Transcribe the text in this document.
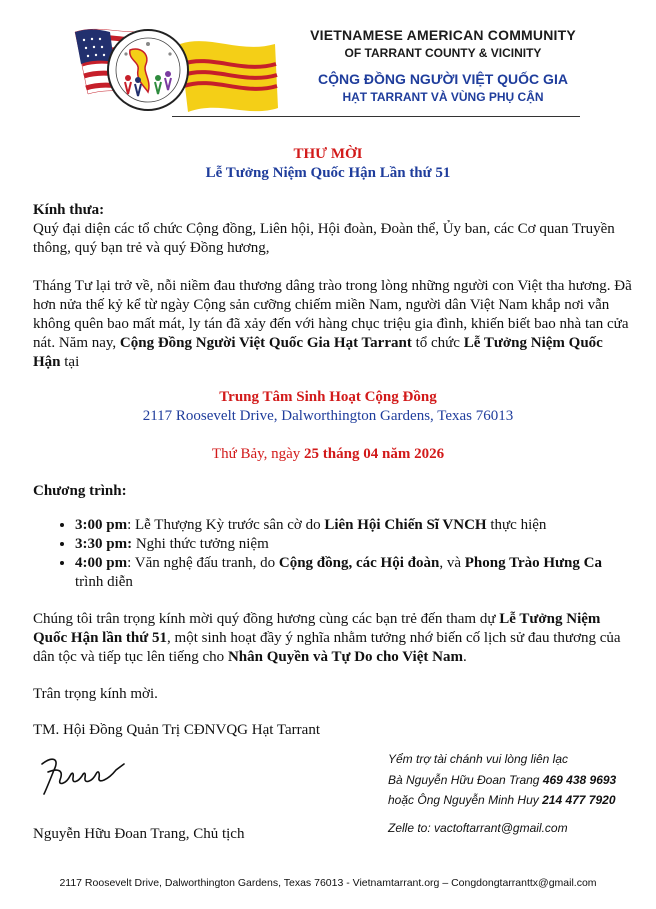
VIETNAMESE AMERICAN COMMUNITY
OF TARRANT COUNTY & VICINITY
CỘNG ĐỒNG NGƯỜI VIỆT QUỐC GIA
HẠT TARRANT VÀ VÙNG PHỤ CẬN
THƯ MỜI
Lễ Tưởng Niệm Quốc Hận Lần thứ 51

Kính thưa:

Quý đại diện các tổ chức Cộng đồng, Liên hội, Hội đoàn, Đoàn thể, Ủy ban, các Cơ quan Truyền thông, quý bạn trẻ và quý Đồng hương,

Tháng Tư lại trở về, nỗi niềm đau thương dâng trào trong lòng những người con Việt tha hương. Đã hơn nửa thế kỷ kể từ ngày Cộng sản cưỡng chiếm miền Nam, người dân Việt Nam khắp nơi vẫn không quên bao mất mát, ly tán đã xảy đến với hàng chục triệu gia đình, khiến biết bao nhà tan cửa nát. Năm nay, Cộng Đồng Người Việt Quốc Gia Hạt Tarrant tổ chức Lễ Tưởng Niệm Quốc Hận tại
Trung Tâm Sinh Hoạt Cộng Đồng
2117 Roosevelt Drive, Dalworthington Gardens, Texas 76013
Thứ Bảy, ngày 25 tháng 04 năm 2026
Chương trình:
• 3:00 pm: Lễ Thượng Kỳ trước sân cờ do Liên Hội Chiến Sĩ VNCH thực hiện
• 3:30 pm: Nghi thức tưởng niệm
• 4:00 pm: Văn nghệ đấu tranh, do Cộng đồng, các Hội đoàn, và Phong Trào Hưng Ca trình diễn
Chúng tôi trân trọng kính mời quý đồng hương cùng các bạn trẻ đến tham dự Lễ Tưởng Niệm Quốc Hận lần thứ 51, một sinh hoạt đầy ý nghĩa nhằm tưởng nhớ biến cố lịch sử đau thương của dân tộc và tiếp tục lên tiếng cho Nhân Quyền và Tự Do cho Việt Nam.
Trân trọng kính mời.
TM. Hội Đồng Quản Trị CĐNVQG Hạt Tarrant
Nguyễn Hữu Đoan Trang, Chủ tịch
Yểm trợ tài chánh vui lòng liên lạc
Bà Nguyễn Hữu Đoan Trang 469 438 9693
hoặc Ông Nguyễn Minh Huy 214 477 7920
Zelle to: vactoftarrant@gmail.com
2117 Roosevelt Drive, Dalworthington Gardens, Texas 76013 - Vietnamtarrant.org – Congdongtarranttx@gmail.com
